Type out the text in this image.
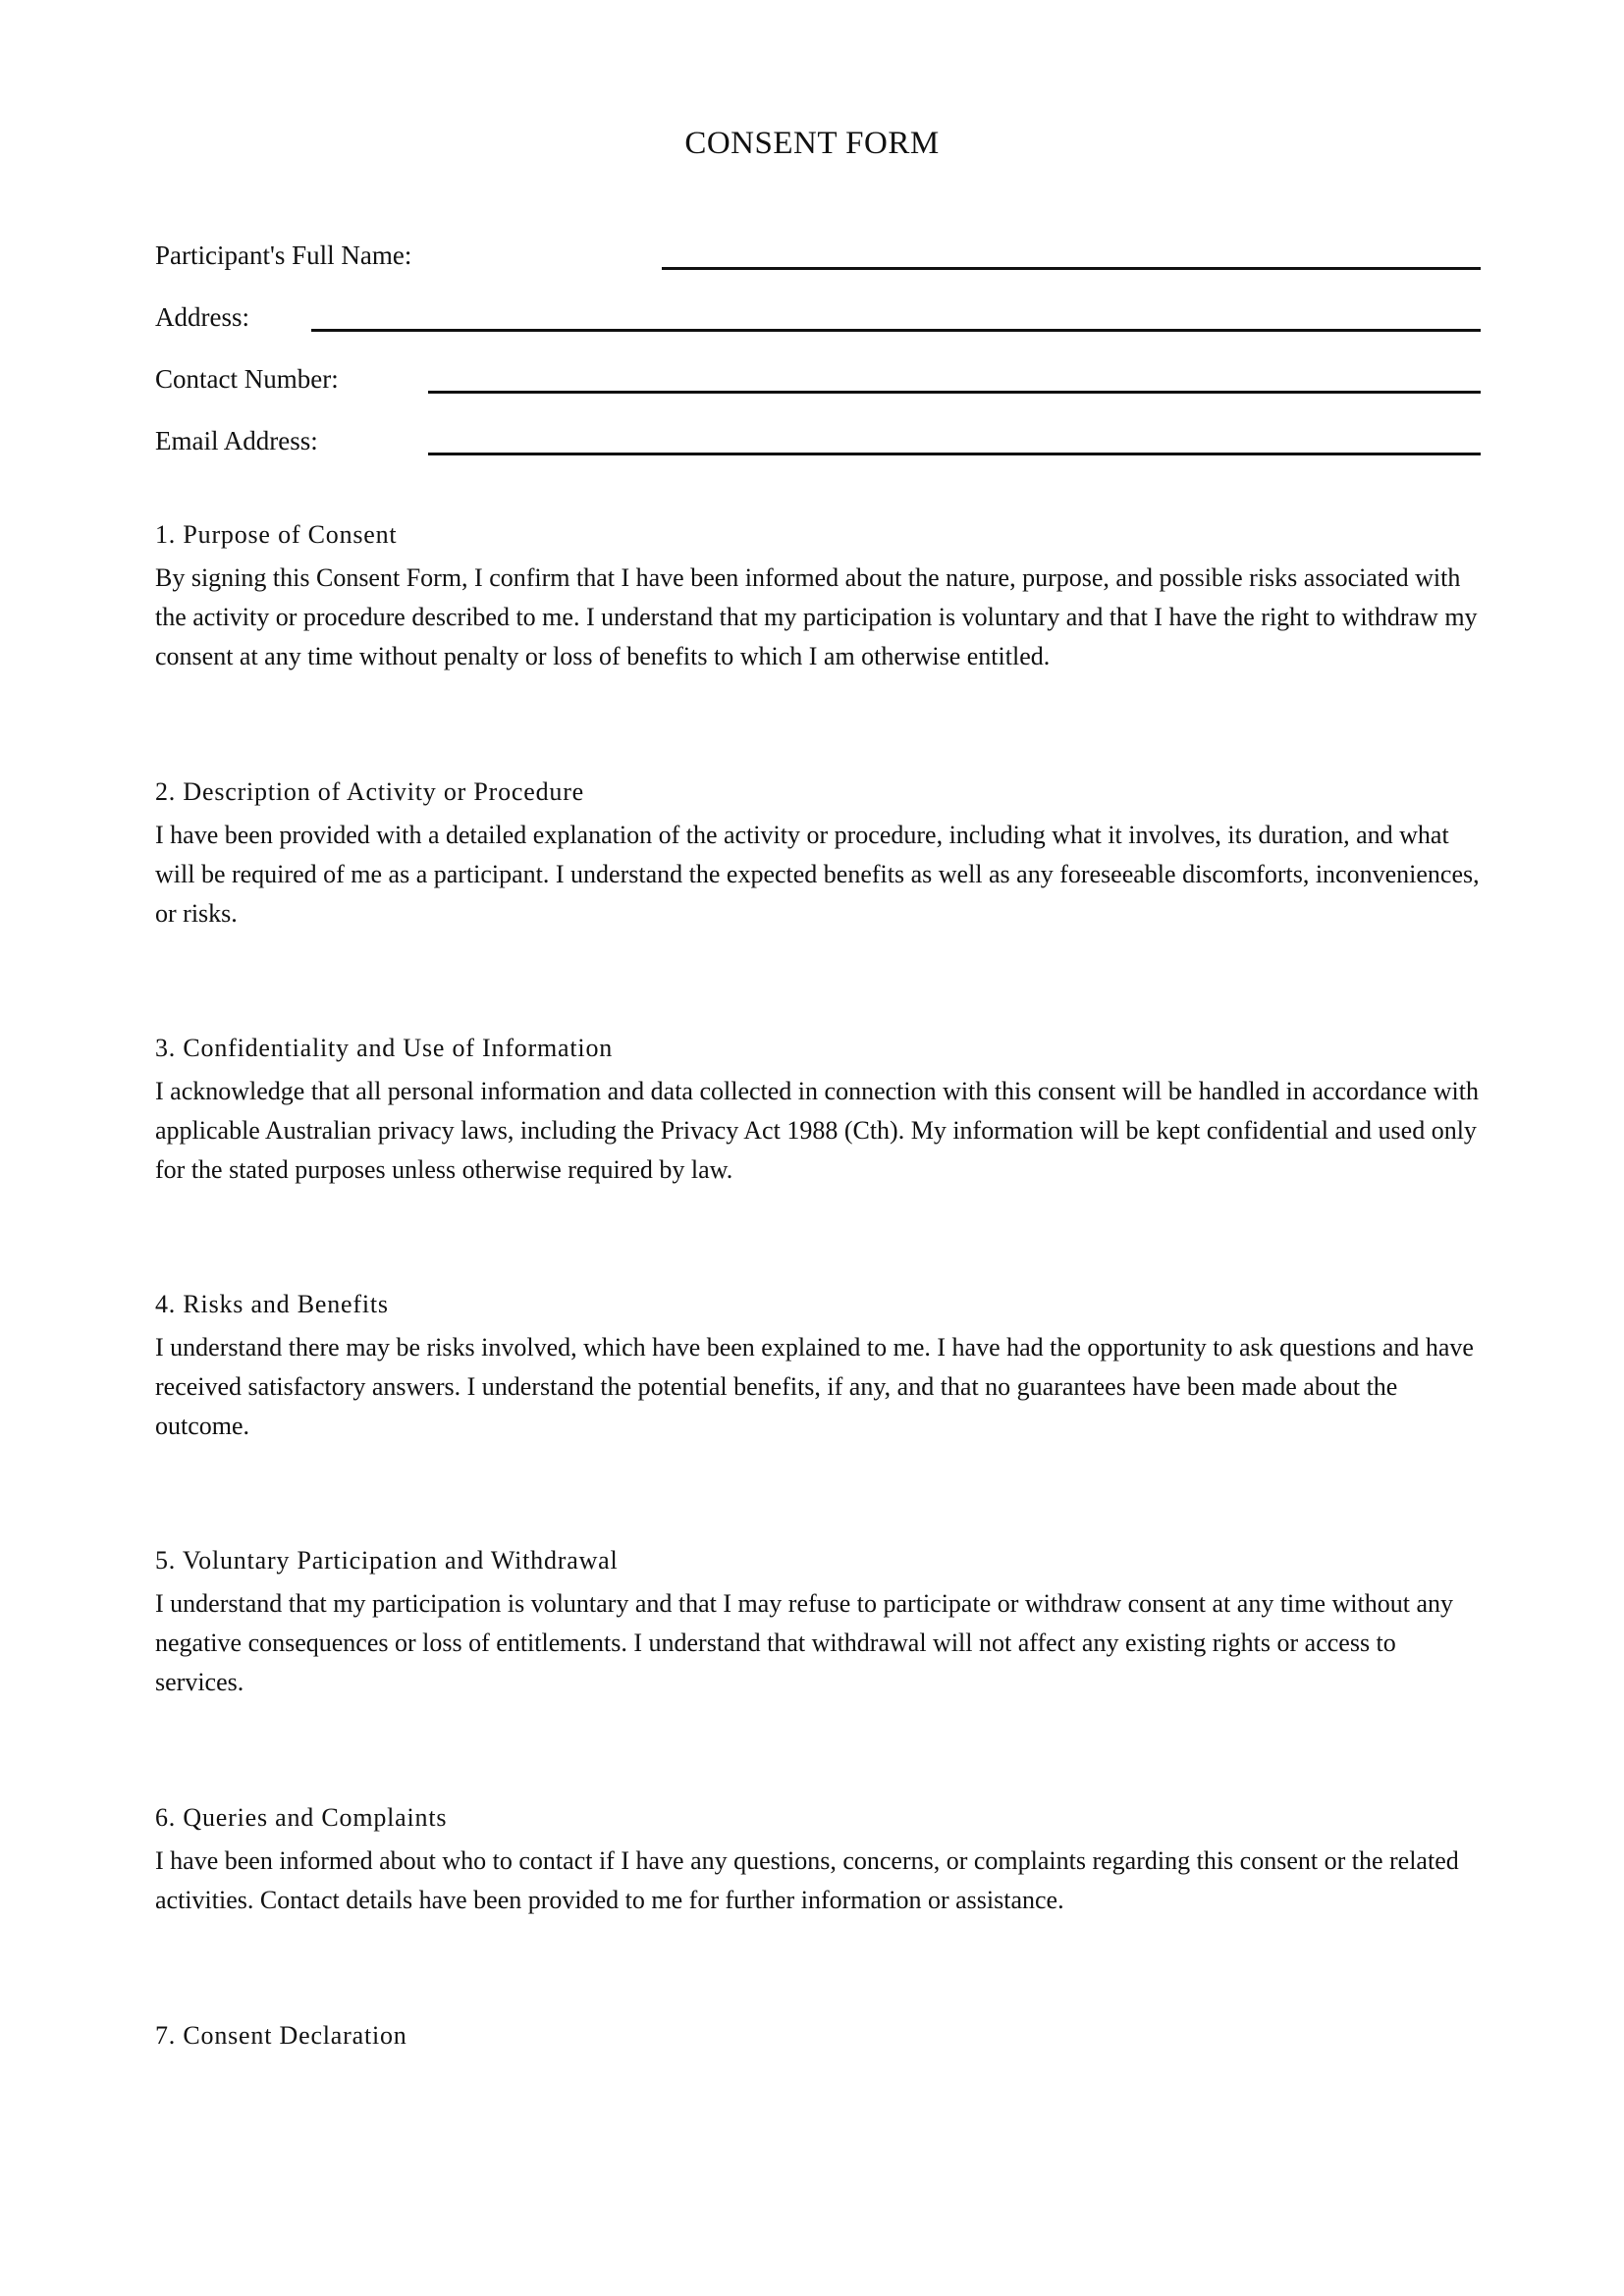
CONSENT FORM
Participant's Full Name:
Address:
Contact Number:
Email Address:
1. Purpose of Consent

By signing this Consent Form, I confirm that I have been informed about the nature, purpose, and possible risks associated with the activity or procedure described to me. I understand that my participation is voluntary and that I have the right to withdraw my consent at any time without penalty or loss of benefits to which I am otherwise entitled.

2. Description of Activity or Procedure

I have been provided with a detailed explanation of the activity or procedure, including what it involves, its duration, and what will be required of me as a participant. I understand the expected benefits as well as any foreseeable discomforts, inconveniences, or risks.

3. Confidentiality and Use of Information

I acknowledge that all personal information and data collected in connection with this consent will be handled in accordance with applicable Australian privacy laws, including the Privacy Act 1988 (Cth). My information will be kept confidential and used only for the stated purposes unless otherwise required by law.

4. Risks and Benefits

I understand there may be risks involved, which have been explained to me. I have had the opportunity to ask questions and have received satisfactory answers. I understand the potential benefits, if any, and that no guarantees have been made about the outcome.

5. Voluntary Participation and Withdrawal

I understand that my participation is voluntary and that I may refuse to participate or withdraw consent at any time without any negative consequences or loss of entitlements. I understand that withdrawal will not affect any existing rights or access to services.

6. Queries and Complaints

I have been informed about who to contact if I have any questions, concerns, or complaints regarding this consent or the related activities. Contact details have been provided to me for further information or assistance.

7. Consent Declaration
